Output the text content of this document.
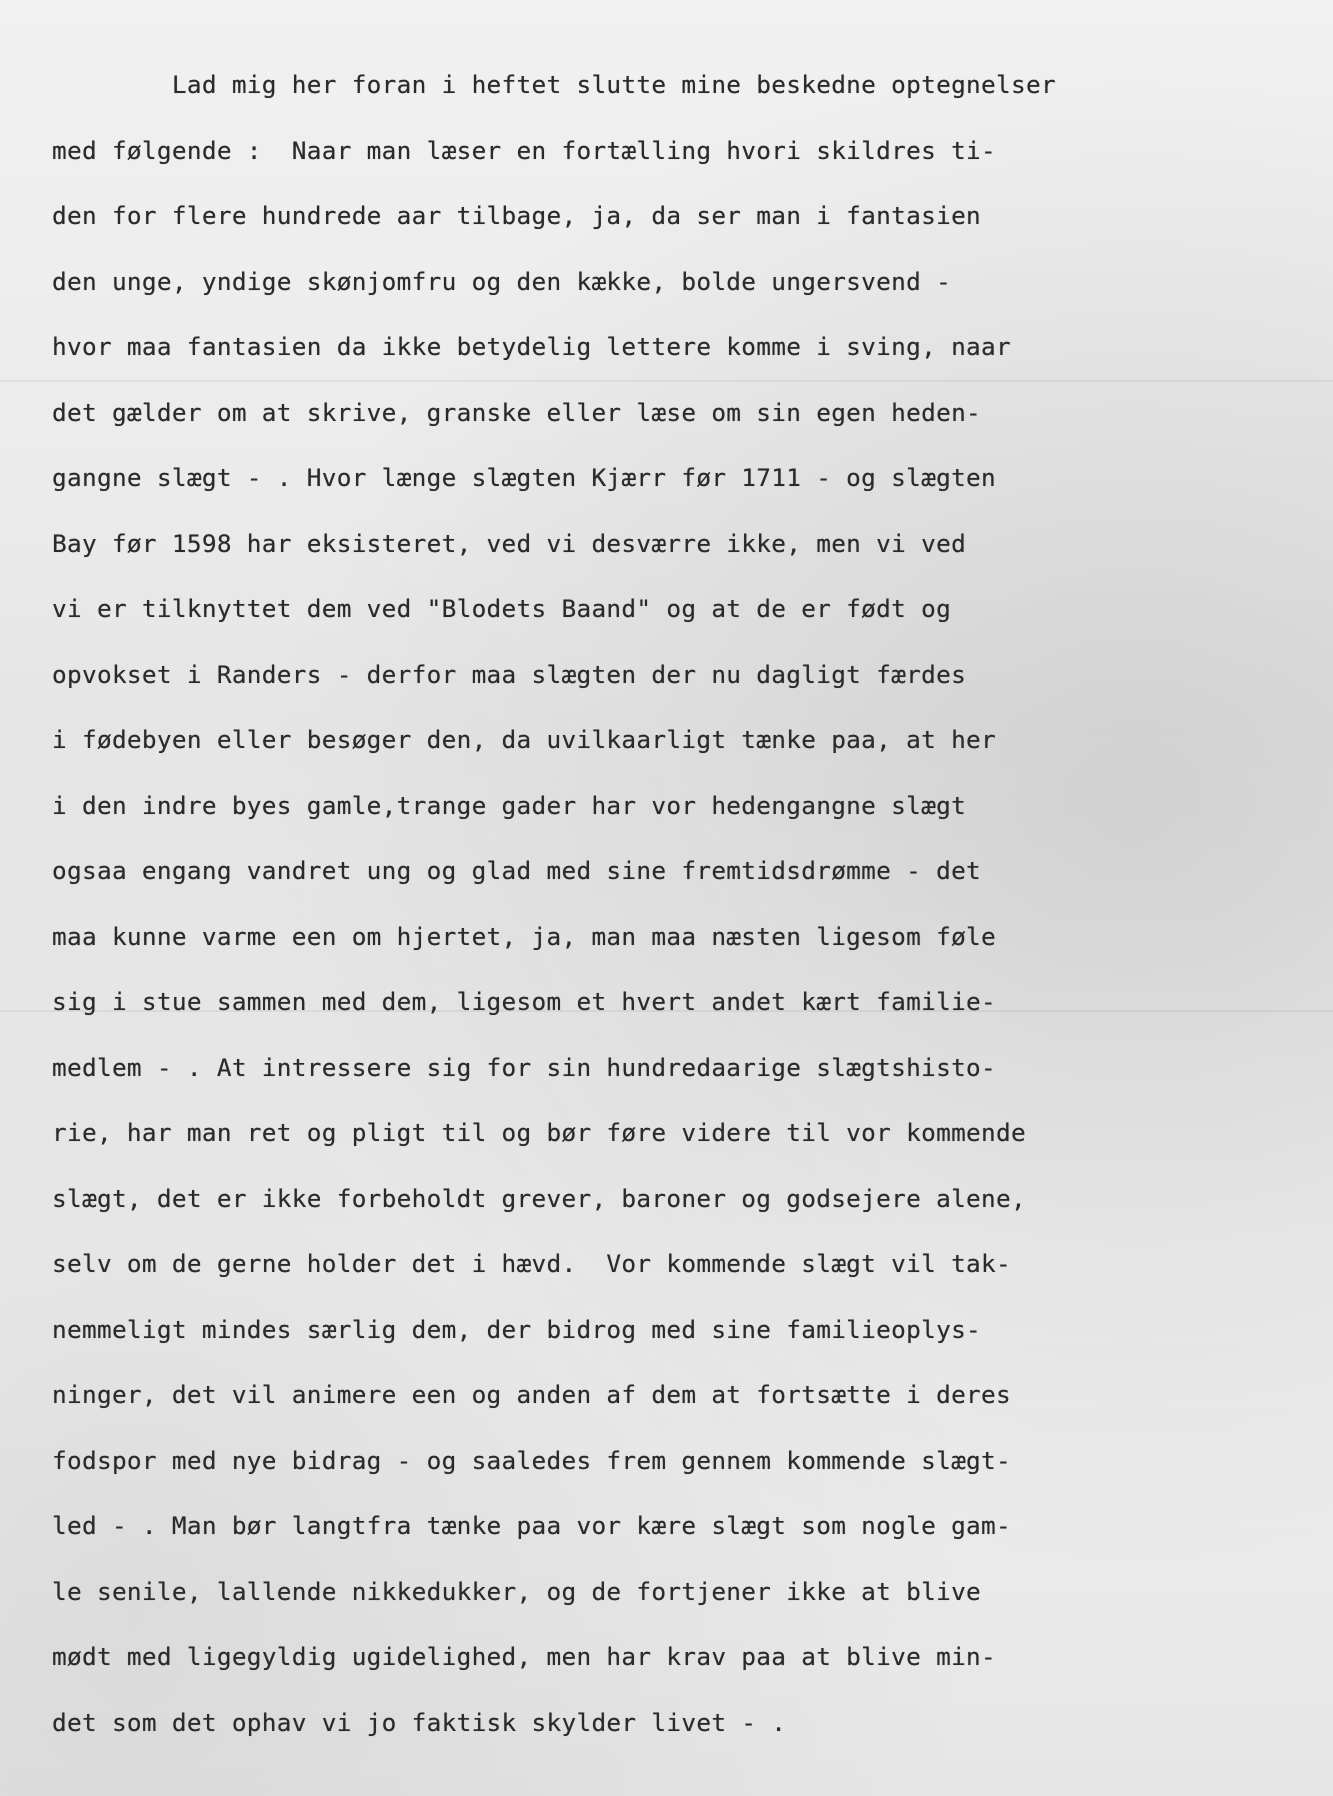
Lad mig her foran i heftet slutte mine beskedne optegnelser
med følgende :  Naar man læser en fortælling hvori skildres ti-
den for flere hundrede aar tilbage, ja, da ser man i fantasien
den unge, yndige skønjomfru og den kække, bolde ungersvend -
hvor maa fantasien da ikke betydelig lettere komme i sving, naar
det gælder om at skrive, granske eller læse om sin egen heden-
gangne slægt - . Hvor længe slægten Kjærr før 1711 - og slægten
Bay før 1598 har eksisteret, ved vi desværre ikke, men vi ved
vi er tilknyttet dem ved "Blodets Baand" og at de er født og
opvokset i Randers - derfor maa slægten der nu dagligt færdes
i fødebyen eller besøger den, da uvilkaarligt tænke paa, at her
i den indre byes gamle,trange gader har vor hedengangne slægt
ogsaa engang vandret ung og glad med sine fremtidsdrømme - det
maa kunne varme een om hjertet, ja, man maa næsten ligesom føle
sig i stue sammen med dem, ligesom et hvert andet kært familie-
medlem - . At intressere sig for sin hundredaarige slægtshisto-
rie, har man ret og pligt til og bør føre videre til vor kommende
slægt, det er ikke forbeholdt grever, baroner og godsejere alene,
selv om de gerne holder det i hævd.  Vor kommende slægt vil tak-
nemmeligt mindes særlig dem, der bidrog med sine familieoplys-
ninger, det vil animere een og anden af dem at fortsætte i deres
fodspor med nye bidrag - og saaledes frem gennem kommende slægt-
led - . Man bør langtfra tænke paa vor kære slægt som nogle gam-
le senile, lallende nikkedukker, og de fortjener ikke at blive
mødt med ligegyldig ugidelighed, men har krav paa at blive min-
det som det ophav vi jo faktisk skylder livet - .
